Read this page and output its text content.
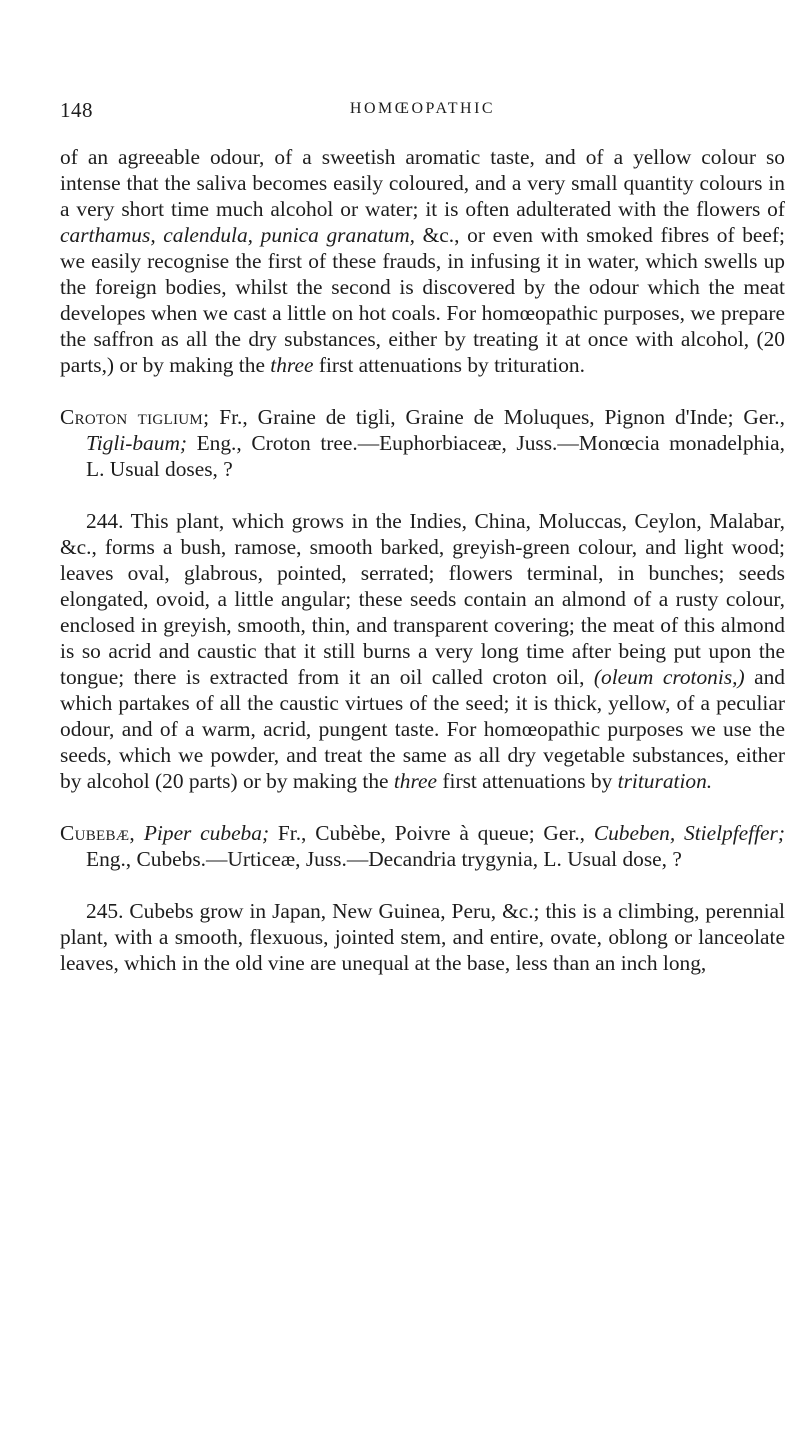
148	HOMŒOPATHIC

of an agreeable odour, of a sweetish aromatic taste, and of a yellow colour so intense that the saliva becomes easily coloured, and a very small quantity colours in a very short time much alcohol or water; it is often adulterated with the flowers of carthamus, calendula, punica granatum, &c., or even with smoked fibres of beef; we easily recognise the first of these frauds, in infusing it in water, which swells up the foreign bodies, whilst the second is discovered by the odour which the meat developes when we cast a little on hot coals. For homœopathic purposes, we prepare the saffron as all the dry substances, either by treating it at once with alcohol, (20 parts,) or by making the three first attenuations by trituration.

Croton tiglium; Fr., Graine de tigli, Graine de Moluques, Pignon d'Inde; Ger., Tigli-baum; Eng., Croton tree.—Euphorbiaceæ, Juss.—Monœcia monadelphia, L. Usual doses, ?

244. This plant, which grows in the Indies, China, Moluccas, Ceylon, Malabar, &c., forms a bush, ramose, smooth barked, greyish-green colour, and light wood; leaves oval, glabrous, pointed, serrated; flowers terminal, in bunches; seeds elongated, ovoid, a little angular; these seeds contain an almond of a rusty colour, enclosed in greyish, smooth, thin, and transparent covering; the meat of this almond is so acrid and caustic that it still burns a very long time after being put upon the tongue; there is extracted from it an oil called croton oil, (oleum crotonis,) and which partakes of all the caustic virtues of the seed; it is thick, yellow, of a peculiar odour, and of a warm, acrid, pungent taste. For homœopathic purposes we use the seeds, which we powder, and treat the same as all dry vegetable substances, either by alcohol (20 parts) or by making the three first attenuations by trituration.

Cubebæ, Piper cubeba; Fr., Cubèbe, Poivre à queue; Ger., Cubeben, Stielpfeffer; Eng., Cubebs.—Urticeæ, Juss.—Decandria trygynia, L. Usual dose, ?

245. Cubebs grow in Japan, New Guinea, Peru, &c.; this is a climbing, perennial plant, with a smooth, flexuous, jointed stem, and entire, ovate, oblong or lanceolate leaves, which in the old vine are unequal at the base, less than an inch long,
